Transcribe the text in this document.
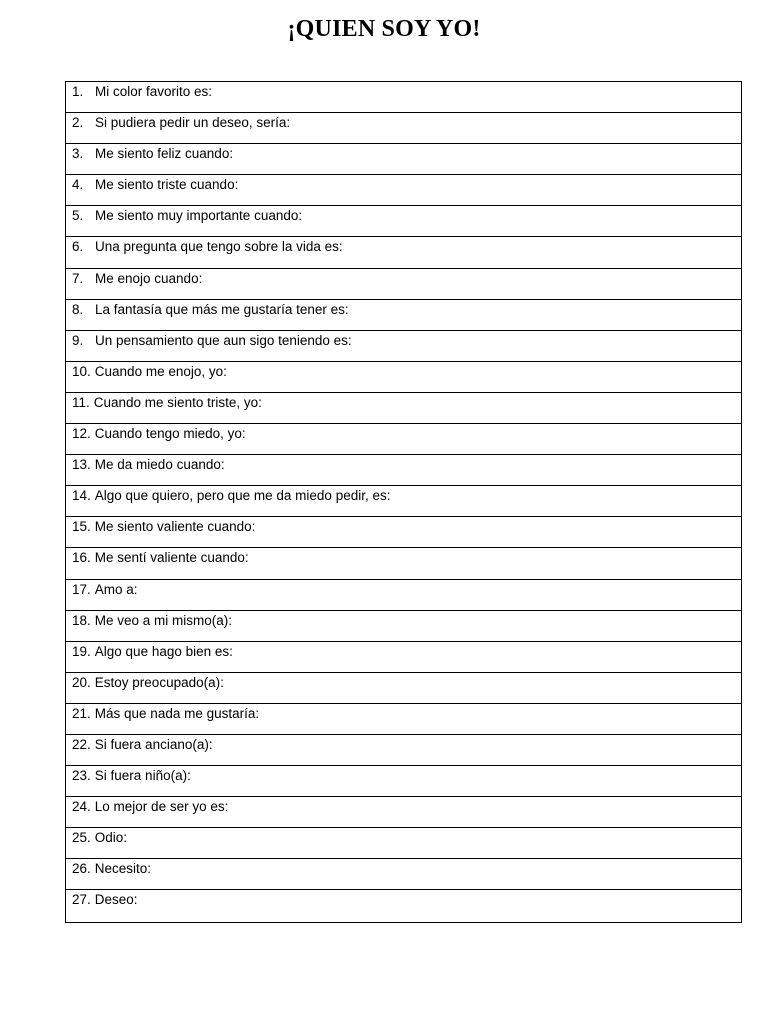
¡QUIEN SOY YO!
1. Mi color favorito es:
2. Si pudiera pedir un deseo, sería:
3. Me siento feliz cuando:
4. Me siento triste cuando:
5. Me siento muy importante cuando:
6. Una pregunta que tengo sobre la vida es:
7. Me enojo cuando:
8. La fantasía que más me gustaría tener es:
9. Un pensamiento que aun sigo teniendo es:
10. Cuando me enojo, yo:
11. Cuando me siento triste, yo:
12. Cuando tengo miedo, yo:
13. Me da miedo cuando:
14. Algo que quiero, pero que me da miedo pedir, es:
15. Me siento valiente cuando:
16. Me sentí valiente cuando:
17. Amo a:
18. Me veo a mi mismo(a):
19. Algo que hago bien es:
20. Estoy preocupado(a):
21. Más que nada me gustaría:
22. Si fuera anciano(a):
23. Si fuera niño(a):
24. Lo mejor de ser yo es:
25. Odio:
26. Necesito:
27. Deseo:
